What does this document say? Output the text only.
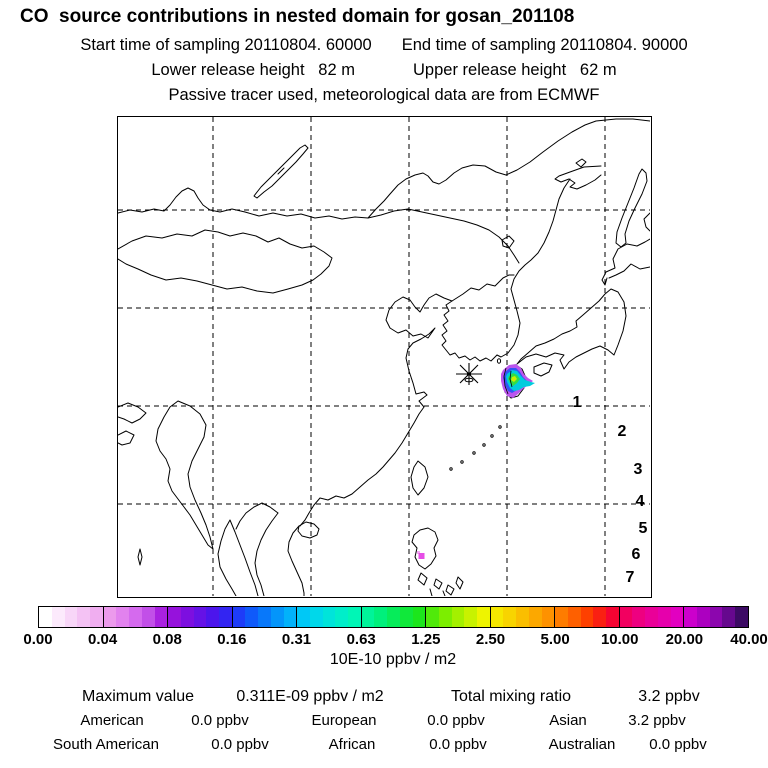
CO  source contributions in nested domain for gosan_201108
Start time of sampling 20110804. 60000 End time of sampling 20110804. 90000
Lower release height   82 m	Upper release height   62 m
Passive tracer used, meteorological data are from ECMWF
1
2
3
4
5
6
7
0.00 0.04 0.08 0.16 0.31 0.63 1.25 2.50 5.00 10.00 20.00 40.00
10E-10 ppbv / m2
Maximum value	0.311E-09 ppbv / m2	Total mixing ratio	3.2 ppbv
American	0.0 ppbv	European	0.0 ppbv	Asian	3.2 ppbv
South American	0.0 ppbv	African	0.0 ppbv	Australian 0.0 ppbv
